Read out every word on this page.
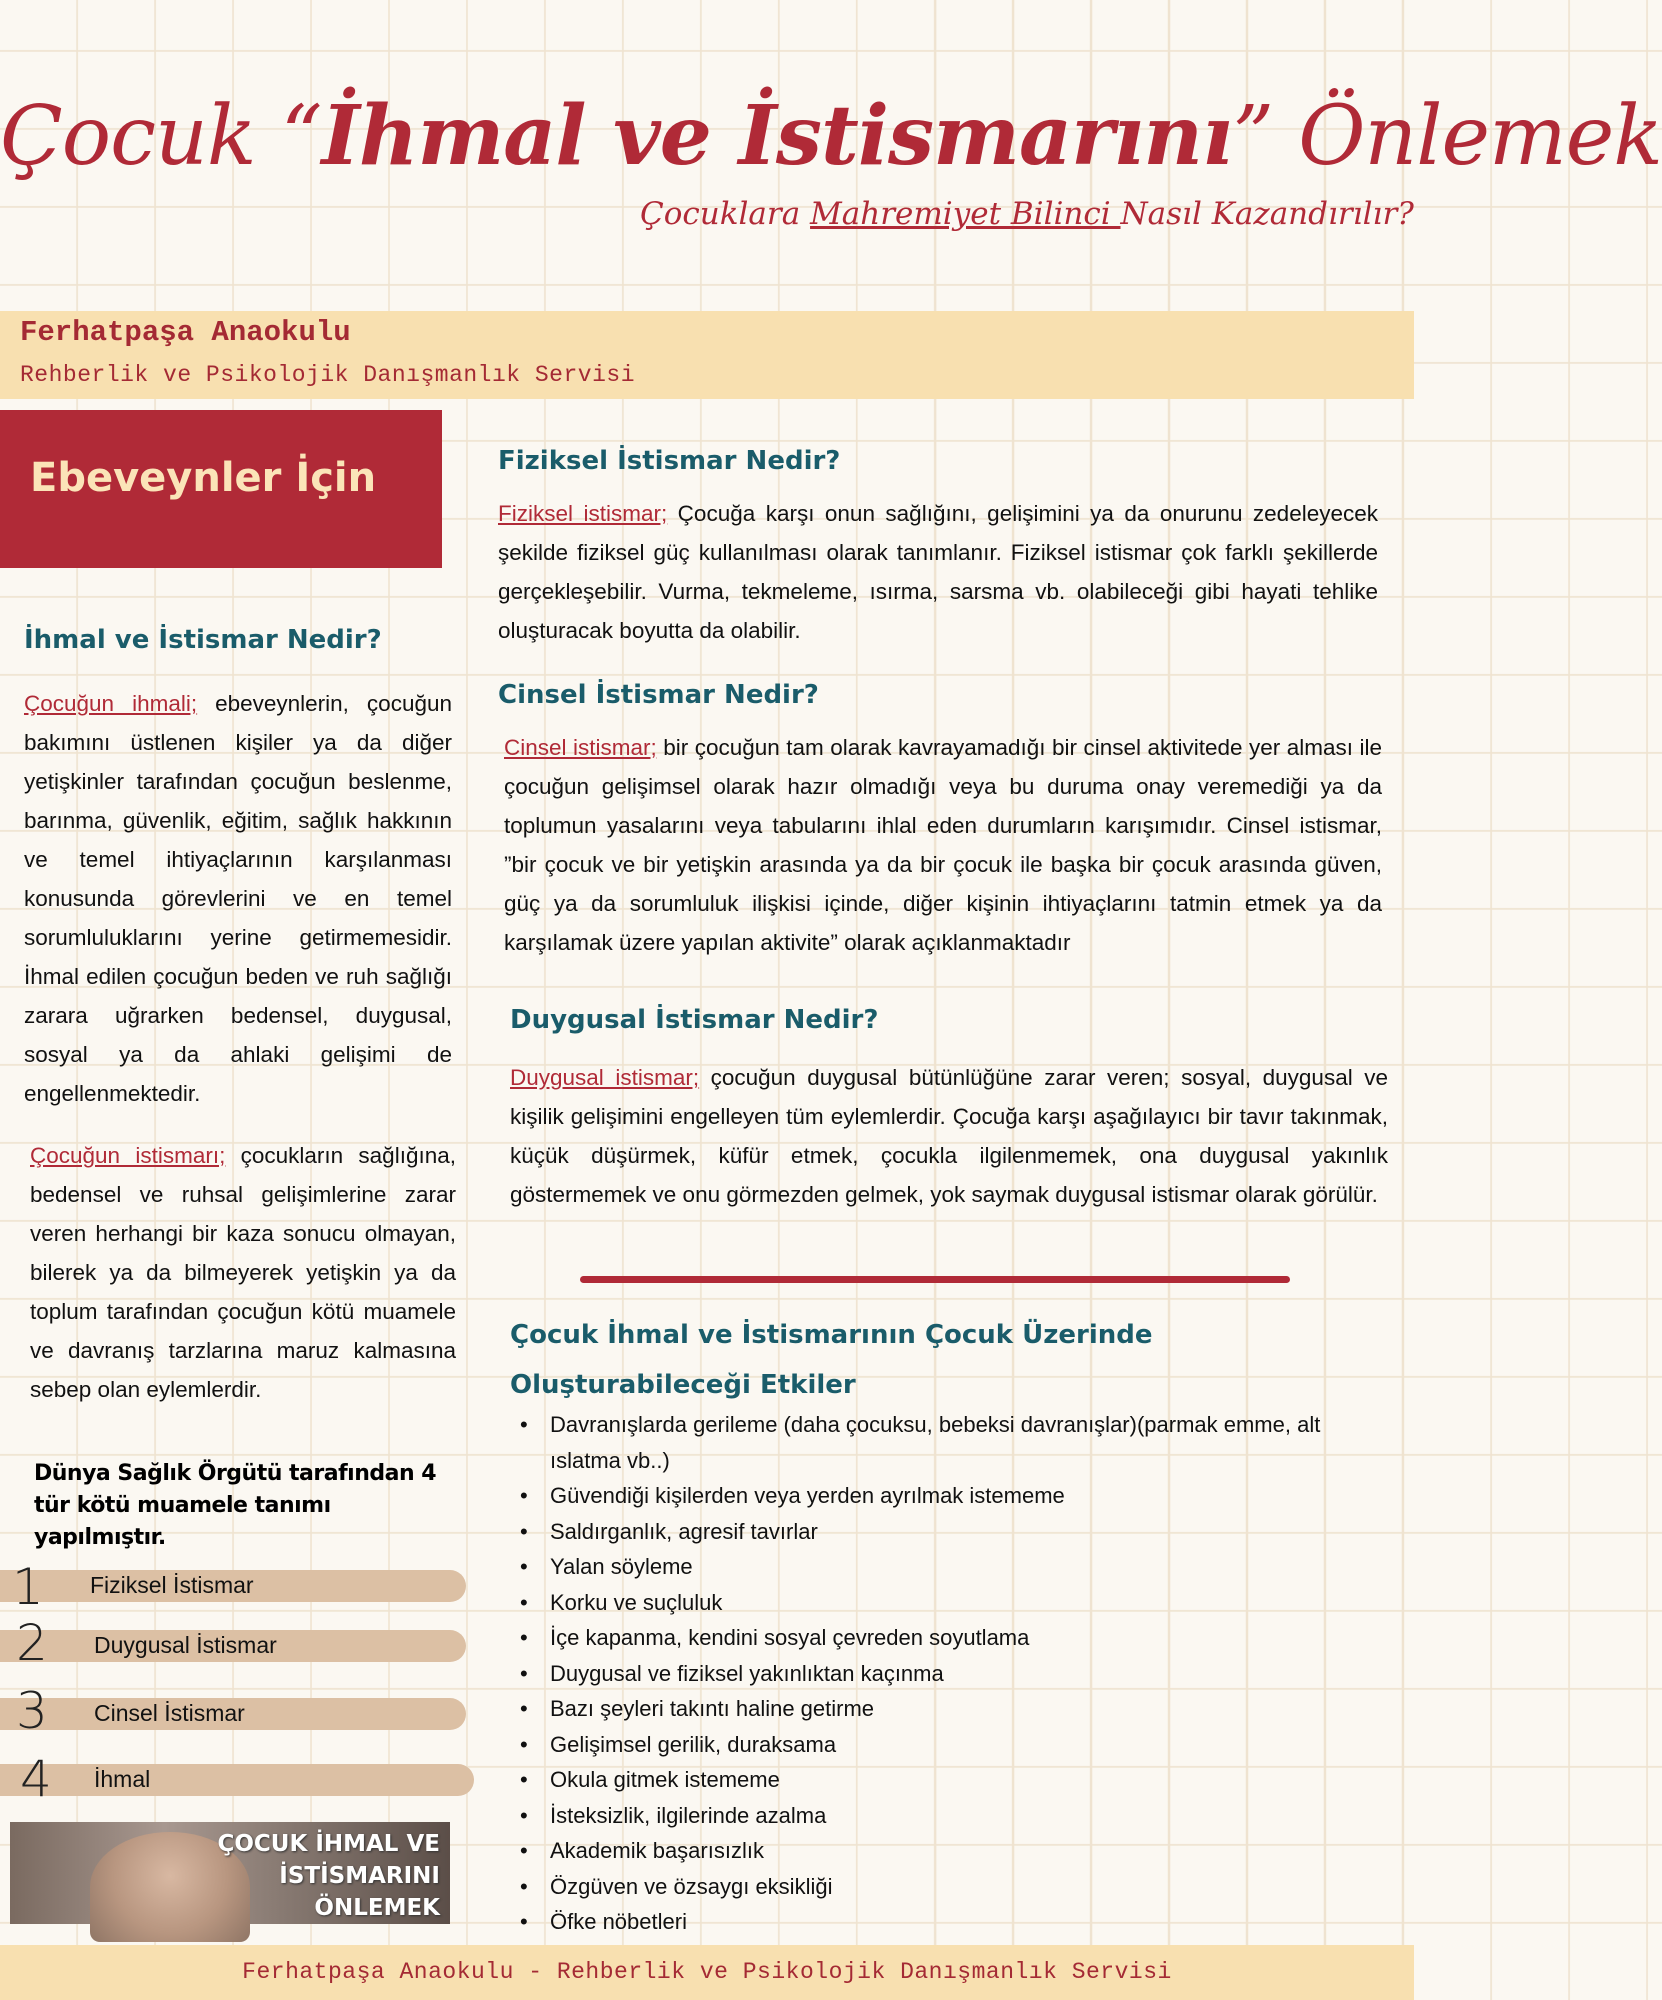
Çocuk “İhmal ve İstismarını” Önlemek
Çocuklara Mahremiyet Bilinci Nasıl Kazandırılır?
Ferhatpaşa Anaokulu
Rehberlik ve Psikolojik Danışmanlık Servisi
Ebeveynler İçin
İhmal ve İstismar Nedir?

Çocuğun ihmali; ebeveynlerin, çocuğun bakımını üstlenen kişiler ya da diğer yetişkinler tarafından çocuğun beslenme, barınma, güvenlik, eğitim, sağlık hakkının ve temel ihtiyaçlarının karşılanması konusunda görevlerini ve en temel sorumluluklarını yerine getirmemesidir. İhmal edilen çocuğun beden ve ruh sağlığı zarara uğrarken bedensel, duygusal, sosyal ya da ahlaki gelişimi de engellenmektedir.

Çocuğun istismarı; çocukların sağlığına, bedensel ve ruhsal gelişimlerine zarar veren herhangi bir kaza sonucu olmayan, bilerek ya da bilmeyerek yetişkin ya da toplum tarafından çocuğun kötü muamele ve davranış tarzlarına maruz kalmasına sebep olan eylemlerdir.

Dünya Sağlık Örgütü tarafından 4 tür kötü muamele tanımı yapılmıştır.

1 Fiziksel İstismar
2 Duygusal İstismar
3 Cinsel İstismar
4 İhmal
ÇOCUK İHMAL VE
İSTİSMARINI
ÖNLEMEK
Fiziksel İstismar Nedir?

Fiziksel istismar; Çocuğa karşı onun sağlığını, gelişimini ya da onurunu zedeleyecek şekilde fiziksel güç kullanılması olarak tanımlanır. Fiziksel istismar çok farklı şekillerde gerçekleşebilir. Vurma, tekmeleme, ısırma, sarsma vb. olabileceği gibi hayati tehlike oluşturacak boyutta da olabilir.

Cinsel İstismar Nedir?

Cinsel istismar; bir çocuğun tam olarak kavrayamadığı bir cinsel aktivitede yer alması ile çocuğun gelişimsel olarak hazır olmadığı veya bu duruma onay veremediği ya da toplumun yasalarını veya tabularını ihlal eden durumların karışımıdır. Cinsel istismar, ”bir çocuk ve bir yetişkin arasında ya da bir çocuk ile başka bir çocuk arasında güven, güç ya da sorumluluk ilişkisi içinde, diğer kişinin ihtiyaçlarını tatmin etmek ya da karşılamak üzere yapılan aktivite” olarak açıklanmaktadır

Duygusal İstismar Nedir?

Duygusal istismar; çocuğun duygusal bütünlüğüne zarar veren; sosyal, duygusal ve kişilik gelişimini engelleyen tüm eylemlerdir. Çocuğa karşı aşağılayıcı bir tavır takınmak, küçük düşürmek, küfür etmek, çocukla ilgilenmemek, ona duygusal yakınlık göstermemek ve onu görmezden gelmek, yok saymak duygusal istismar olarak görülür.

Çocuk İhmal ve İstismarının Çocuk Üzerinde Oluşturabileceği Etkiler
• Davranışlarda gerileme (daha çocuksu, bebeksi davranışlar)(parmak emme, alt ıslatma vb..)
• Güvendiği kişilerden veya yerden ayrılmak istememe
• Saldırganlık, agresif tavırlar
• Yalan söyleme
• Korku ve suçluluk
• İçe kapanma, kendini sosyal çevreden soyutlama
• Duygusal ve fiziksel yakınlıktan kaçınma
• Bazı şeyleri takıntı haline getirme
• Gelişimsel gerilik, duraksama
• Okula gitmek istememe
• İsteksizlik, ilgilerinde azalma
• Akademik başarısızlık
• Özgüven ve özsaygı eksikliği
• Öfke nöbetleri
Ferhatpaşa Anaokulu - Rehberlik ve Psikolojik Danışmanlık Servisi
